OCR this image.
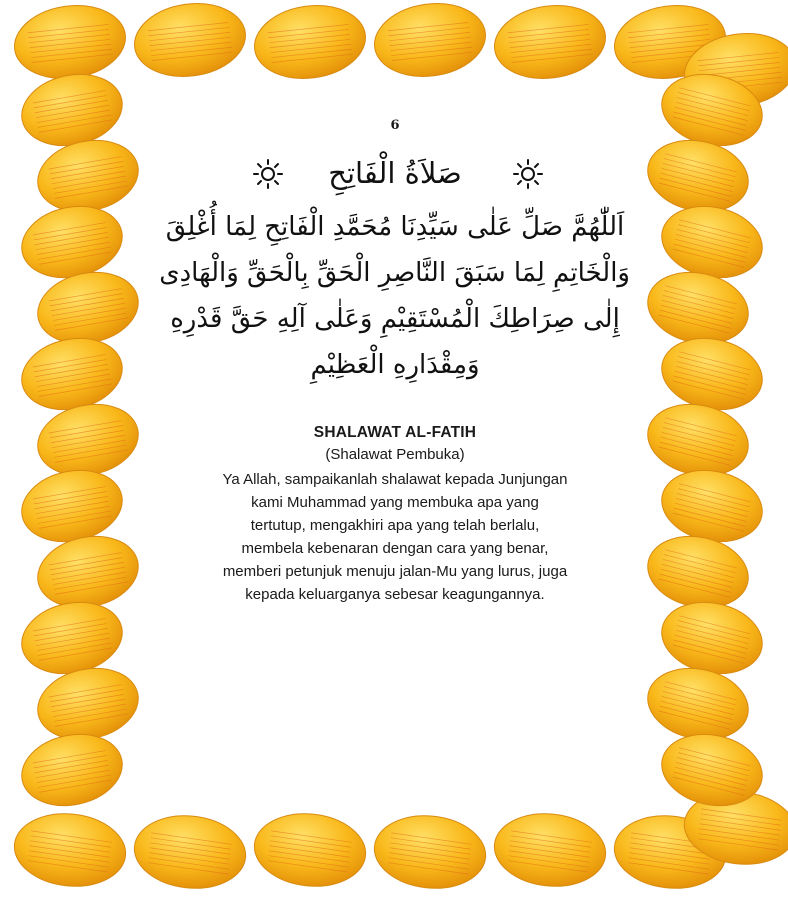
6
صَلاَةُ الْفَاتِحِ
اَللّٰهُمَّ صَلِّ عَلٰى سَيِّدِنَا مُحَمَّدِ الْفَاتِحِ لِمَا أُغْلِقَ
وَالْخَاتِمِ لِمَا سَبَقَ النَّاصِرِ الْحَقِّ بِالْحَقِّ وَالْهَادِى
إِلٰى صِرَاطِكَ الْمُسْتَقِيْمِ وَعَلٰى آلِهِ حَقَّ قَدْرِهِ
وَمِقْدَارِهِ الْعَظِيْمِ
SHALAWAT AL-FATIH
(Shalawat Pembuka)
Ya Allah, sampaikanlah shalawat kepada Junjungan
kami Muhammad yang membuka apa yang
tertutup, mengakhiri apa yang telah berlalu,
membela kebenaran dengan cara yang benar,
memberi petunjuk menuju jalan-Mu yang lurus, juga
kepada keluarganya sebesar keagungannya.
